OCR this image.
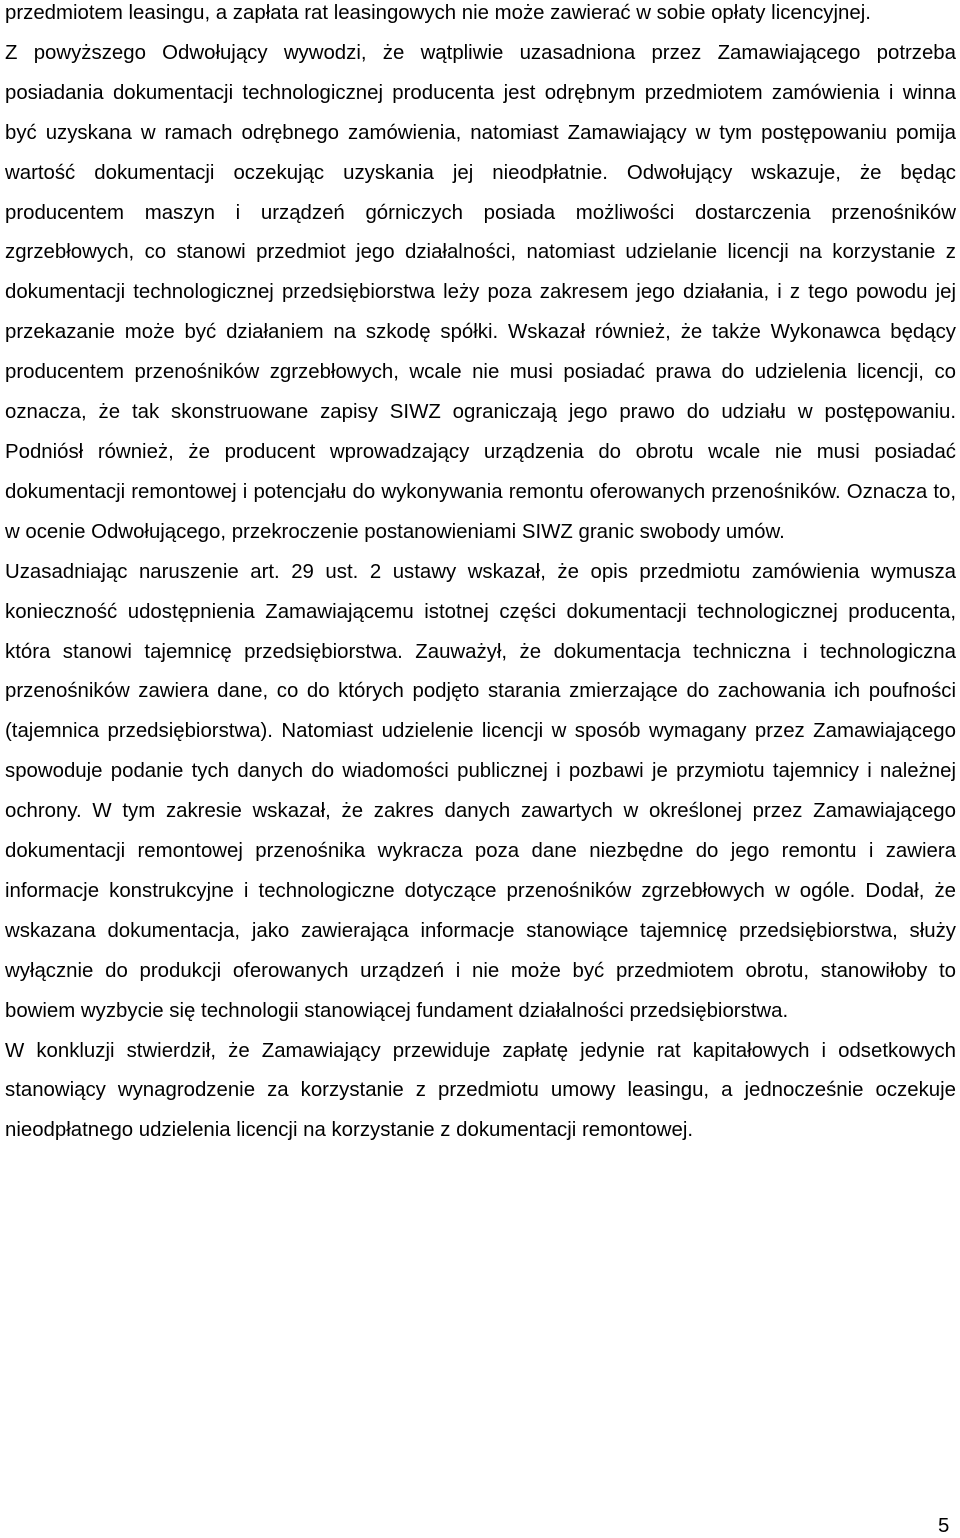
przedmiotem leasingu, a zapłata rat leasingowych nie może zawierać w sobie opłaty licencyjnej.

Z powyższego Odwołujący wywodzi, że wątpliwie uzasadniona przez Zamawiającego potrzeba posiadania dokumentacji technologicznej producenta jest odrębnym przedmiotem zamówienia i winna być uzyskana w ramach odrębnego zamówienia, natomiast Zamawiający w tym postępowaniu pomija wartość dokumentacji oczekując uzyskania jej nieodpłatnie. Odwołujący wskazuje, że będąc producentem maszyn i urządzeń górniczych posiada możliwości dostarczenia przenośników zgrzebłowych, co stanowi przedmiot jego działalności, natomiast udzielanie licencji na korzystanie z dokumentacji technologicznej przedsiębiorstwa leży poza zakresem jego działania, i z tego powodu jej przekazanie może być działaniem na szkodę spółki. Wskazał również, że także Wykonawca będący producentem przenośników zgrzebłowych, wcale nie musi posiadać prawa do udzielenia licencji, co oznacza, że tak skonstruowane zapisy SIWZ ograniczają jego prawo do udziału w postępowaniu. Podniósł również, że producent wprowadzający urządzenia do obrotu wcale nie musi posiadać dokumentacji remontowej i potencjału do wykonywania remontu oferowanych przenośników. Oznacza to, w ocenie Odwołującego, przekroczenie postanowieniami SIWZ granic swobody umów.

Uzasadniając naruszenie art. 29 ust. 2 ustawy wskazał, że opis przedmiotu zamówienia wymusza konieczność udostępnienia Zamawiającemu istotnej części dokumentacji technologicznej producenta, która stanowi tajemnicę przedsiębiorstwa. Zauważył, że dokumentacja techniczna i technologiczna przenośników zawiera dane, co do których podjęto starania zmierzające do zachowania ich poufności (tajemnica przedsiębiorstwa). Natomiast udzielenie licencji w sposób wymagany przez Zamawiającego spowoduje podanie tych danych do wiadomości publicznej i pozbawi je przymiotu tajemnicy i należnej ochrony. W tym zakresie wskazał, że zakres danych zawartych w określonej przez Zamawiającego dokumentacji remontowej przenośnika wykracza poza dane niezbędne do jego remontu i zawiera informacje konstrukcyjne i technologiczne dotyczące przenośników zgrzebłowych w ogóle. Dodał, że wskazana dokumentacja, jako zawierająca informacje stanowiące tajemnicę przedsiębiorstwa, służy wyłącznie do produkcji oferowanych urządzeń i nie może być przedmiotem obrotu, stanowiłoby to bowiem wyzbycie się technologii stanowiącej fundament działalności przedsiębiorstwa.

W konkluzji stwierdził, że Zamawiający przewiduje zapłatę jedynie rat kapitałowych i odsetkowych stanowiący wynagrodzenie za korzystanie z przedmiotu umowy leasingu, a jednocześnie oczekuje nieodpłatnego udzielenia licencji na korzystanie z dokumentacji remontowej.

5
